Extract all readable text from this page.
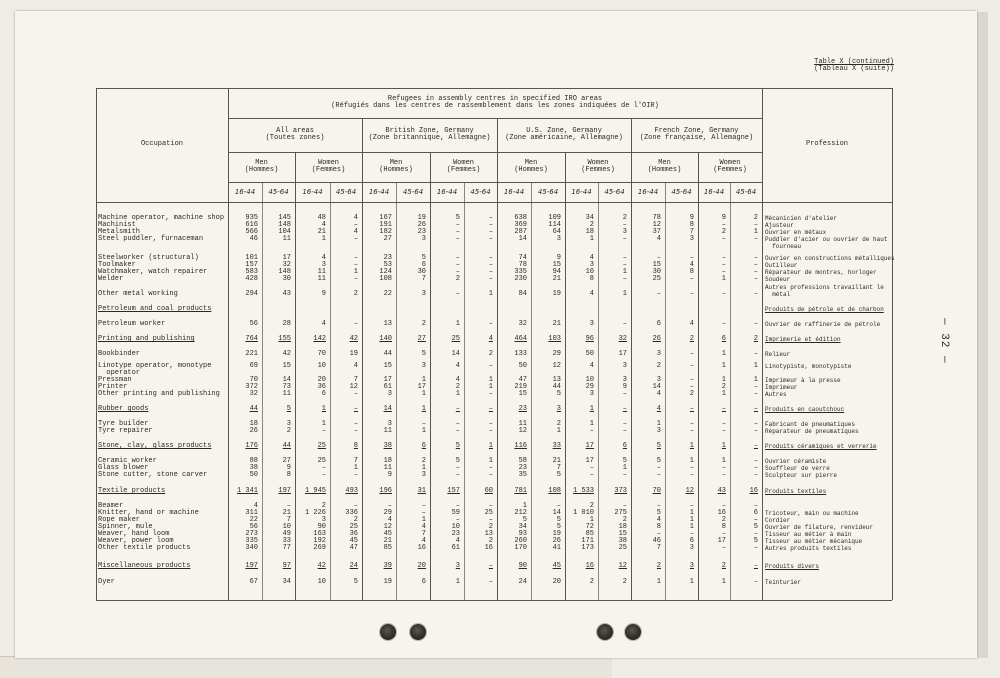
Table X (continued)
(Tableau X (suite))
— 32 —
Occupation	Profession
Refugees in assembly centres in specified IRO areas
(Réfugiés dans les centres de rassemblement dans les zones indiquées de l'OIR)
All areas
(Toutes zones)
Men
(Hommes)
16-44 45-64
Women
(Femmes)
16-44 45-64
British Zone, Germany
(Zone britannique, Allemagne)
Men
(Hommes)
16-44 45-64
Women
(Femmes)
16-44 45-64
U.S. Zone, Germany
(Zone américaine, Allemagne)
Men
(Hommes)
16-44 45-64
Women
(Femmes)
16-44 45-64
French Zone, Germany
(Zone française, Allemagne)
Men
(Hommes)
16-44 45-64
Women
(Femmes)
16-44 45-64
Machine operator, machine shop	935	145	48	4	167	19	5	–	638	109	34	2	78	9	9	2 Mécanicien d'atelier
Machinist	616	148	4	–	191	26	–	–	369	114	2	–	12	8	–	– Ajusteur
Metalsmith	566	104	21	4	182	23	–	–	287	64	18	3	37	7	2	1 Ouvrier en métaux
Steel puddler, furnaceman	46	11	1	–	27	3	–	–	14	3	1	–	4	3	–	– Puddler d'acier ou ouvrier de haut
fourneau
Steelworker (structural)	101	17	4	–	23	5	–	–	74	9	4	–	–	–	–	– Ouvrier en constructions métalliques
Toolmaker	157	32	3	–	53	6	–	–	78	15	3	–	15	4	–	– Outilleur
Watchmaker, watch repairer	583	148	11	1	124	30	–	–	335	94	10	1	30	8	–	– Réparateur de montres, horloger
Welder	428	30	11	–	108	7	2	–	230	21	8	–	25	–	1	– Soudeur
Other metal working	294	43	9	2	22	3	–	1	84	19	4	1	–	–	–	–
Autres professions travaillant le
métal
Petroleum and coal products	Produits de pétrole et de charbon
Petroleum worker	56	28	4	–	13	2	1	–	32	21	3	–	6	4	–	– Ouvrier de raffinerie de pétrole
Printing and publishing	764	155	142	42	140	27	25	4	464	103	96	32	26	2	6	2 Imprimerie et édition
Bookbinder	221	42	70	19	44	5	14	2	133	29	50	17	3	–	1	– Relieur
Linotype operator, monotype
operator
69	15	10	4	15	3	4	–	50	12	4	3	2	–	1	1 Linotypiste, monotypiste
Pressman	70	14	20	7	17	1	4	1	47	13	10	3	3	–	1	1 Imprimeur à la presse
Printer	372	73	36	12	61	17	2	1	219	44	29	9	14	–	2	– Imprimeur
Other printing and publishing	32	11	6	–	3	1	1	–	15	5	3	–	4	2	1	– Autres
Rubber goods	44	5	1	–	14	1	–	–	23	3	1	–	4	–	–	– Produits en caoutchouc
Tyre builder	18	3	1	–	3	–	–	–	11	2	1	–	1	–	–	– Fabricant de pneumatiques
Tyre repairer	26	2	–	–	11	1	–	–	12	1	–	–	3	–	–	– Réparateur de pneumatiques
Stone, clay, glass products	176	44	25	8	38	6	5	1	116	33	17	6	5	1	1	– Produits céramiques et verrerie
Ceramic worker	88	27	25	7	18	2	5	1	58	21	17	5	5	1	1	– Ouvrier céramiste
Glass blower	38	9	–	1	11	1	–	–	23	7	–	1	–	–	–	– Souffleur de verre
Stone cutter, stone carver	50	8	–	–	9	3	–	–	35	5	–	–	–	–	–	– Sculpteur sur pierre
Textile products	1 341	197	1 945	493	196	31	157	60	781	108	1 533	373	70	12	43	16 Produits textiles
Beamer	4	–	2	–	–	–	–	–	1	–	2	–	–	–	–	–
Knitter, hand or machine	311	21	1 226	336	29	–	59	25	212	14	1 010	275	5	1	16	6 Tricoteur, main ou machine
Rope maker	22	7	3	2	4	1	–	–	5	5	1	2	4	1	2	– Cordier
Spinner, mule	56	10	90	25	12	4	10	2	34	5	72	18	8	1	8	5 Ouvrier de filature, renvideur
Weaver, hand loom	273	49	163	36	45	7	23	13	93	19	85	15	–	–	–	– Tisseur au métier à main
Weaver, power loom	335	33	192	45	21	4	4	2	260	26	171	38	46	6	17	5 Tisseur au métier mécanique
Other textile products	340	77	269	47	85	16	61	16	170	41	173	25	7	3	–	– Autres produits textiles
Miscellaneous products	197	97	42	24	39	20	3	–	90	45	16	12	2	3	2	– Produits divers
Dyer	67	34	10	5	19	6	1	–	24	20	2	2	1	1	1	– Teinturier
